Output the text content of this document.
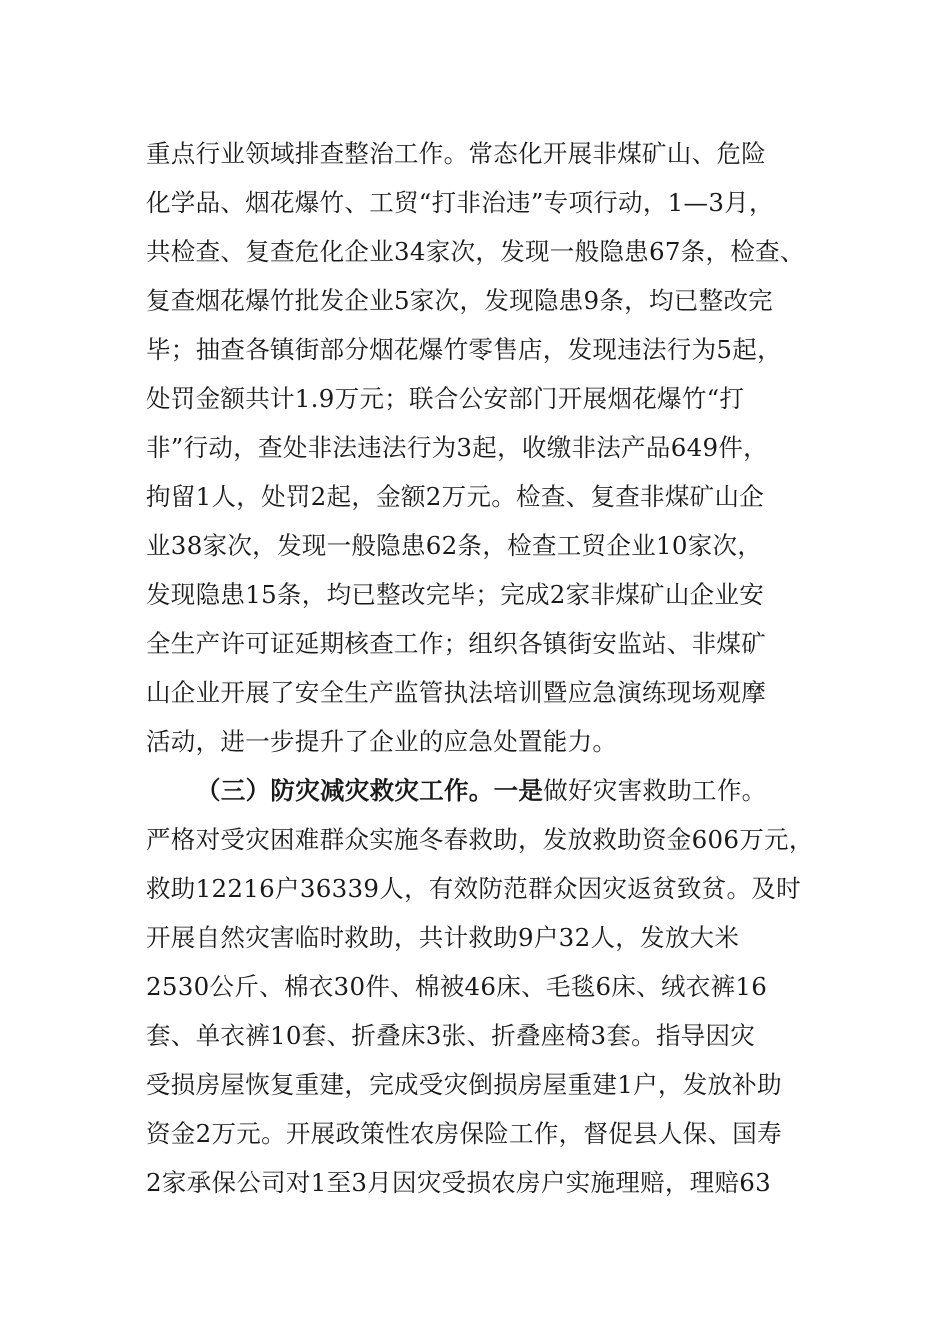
重点行业领域排查整治工作。常态化开展非煤矿山、危险
化学品、烟花爆竹、工贸“打非治违”专项行动，1—3月，
共检查、复查危化企业34家次，发现一般隐患67条，检查、
复查烟花爆竹批发企业5家次，发现隐患9条，均已整改完
毕；抽查各镇街部分烟花爆竹零售店，发现违法行为5起，
处罚金额共计1.9万元；联合公安部门开展烟花爆竹“打
非”行动，查处非法违法行为3起，收缴非法产品649件，
拘留1人，处罚2起，金额2万元。检查、复查非煤矿山企
业38家次，发现一般隐患62条，检查工贸企业10家次，
发现隐患15条，均已整改完毕；完成2家非煤矿山企业安
全生产许可证延期核查工作；组织各镇街安监站、非煤矿
山企业开展了安全生产监管执法培训暨应急演练现场观摩
活动，进一步提升了企业的应急处置能力。
（三）防灾减灾救灾工作。一是做好灾害救助工作。
严格对受灾困难群众实施冬春救助，发放救助资金606万元，
救助12216户36339人，有效防范群众因灾返贫致贫。及时
开展自然灾害临时救助，共计救助9户32人，发放大米
2530公斤、棉衣30件、棉被46床、毛毯6床、绒衣裤16
套、单衣裤10套、折叠床3张、折叠座椅3套。指导因灾
受损房屋恢复重建，完成受灾倒损房屋重建1户，发放补助
资金2万元。开展政策性农房保险工作，督促县人保、国寿
2家承保公司对1至3月因灾受损农房户实施理赔，理赔63
